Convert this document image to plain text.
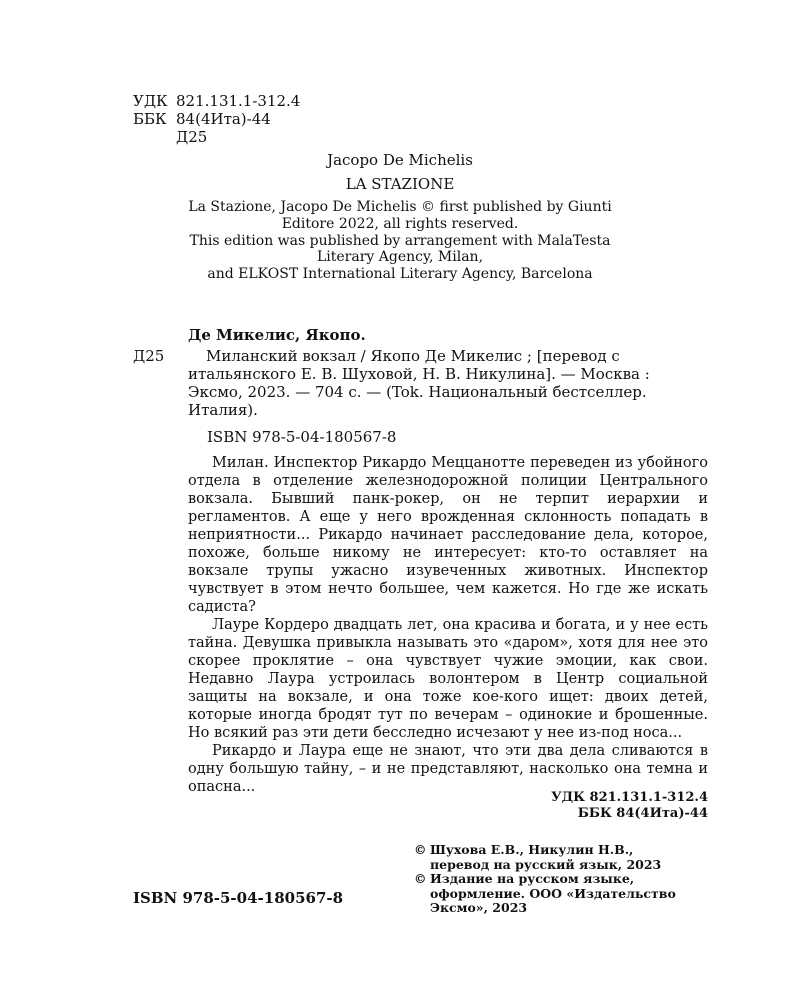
УДК 821.131.1-312.4
ББК 84(4Ита)-44
Д25
Jacopo De Michelis
LA STAZIONE
La Stazione, Jacopo De Michelis © first published by Giunti
Editore 2022, all rights reserved.
This edition was published by arrangement with MalaTesta
Literary Agency, Milan,
and ELKOST International Literary Agency, Barcelona
Де Микелис, Якопо.
Д25	Миланский вокзал / Якопо Де Микелис ; [перевод с
итальянского Е. В. Шуховой, Н. В. Никулина]. — Москва :
Эксмо, 2023. — 704 с. — (Tok. Национальный бестселлер.
Италия).
ISBN 978-5-04-180567-8

Милан. Инспектор Рикардо Меццанотте переведен из убойного отдела в отделение железнодорожной полиции Центрального вокзала. Бывший панк-рокер, он не терпит иерархии и регламентов. А еще у него врожденная склонность попадать в неприятности... Рикардо начинает расследование дела, которое, похоже, больше никому не интересует: кто-то оставляет на вокзале трупы ужасно изувеченных животных. Инспектор чувствует в этом нечто большее, чем кажется. Но где же искать садиста?

Лауре Кордеро двадцать лет, она красива и богата, и у нее есть тайна. Девушка привыкла называть это «даром», хотя для нее это скорее проклятие – она чувствует чужие эмоции, как свои. Недавно Лаура устроилась волонтером в Центр социальной защиты на вокзале, и она тоже кое-кого ищет: двоих детей, которые иногда бродят тут по вечерам – одинокие и брошенные. Но всякий раз эти дети бесследно исчезают у нее из-под носа...

Рикардо и Лаура еще не знают, что эти два дела сливаются в одну большую тайну, – и не представляют, насколько она темна и опасна...

УДК 821.131.1-312.4
ББК 84(4Ита)-44
© Шухова Е.В., Никулин Н.В.,
перевод на русский язык, 2023
© Издание на русском языке,
оформление. ООО «Издательство
Эксмо», 2023
ISBN 978-5-04-180567-8
